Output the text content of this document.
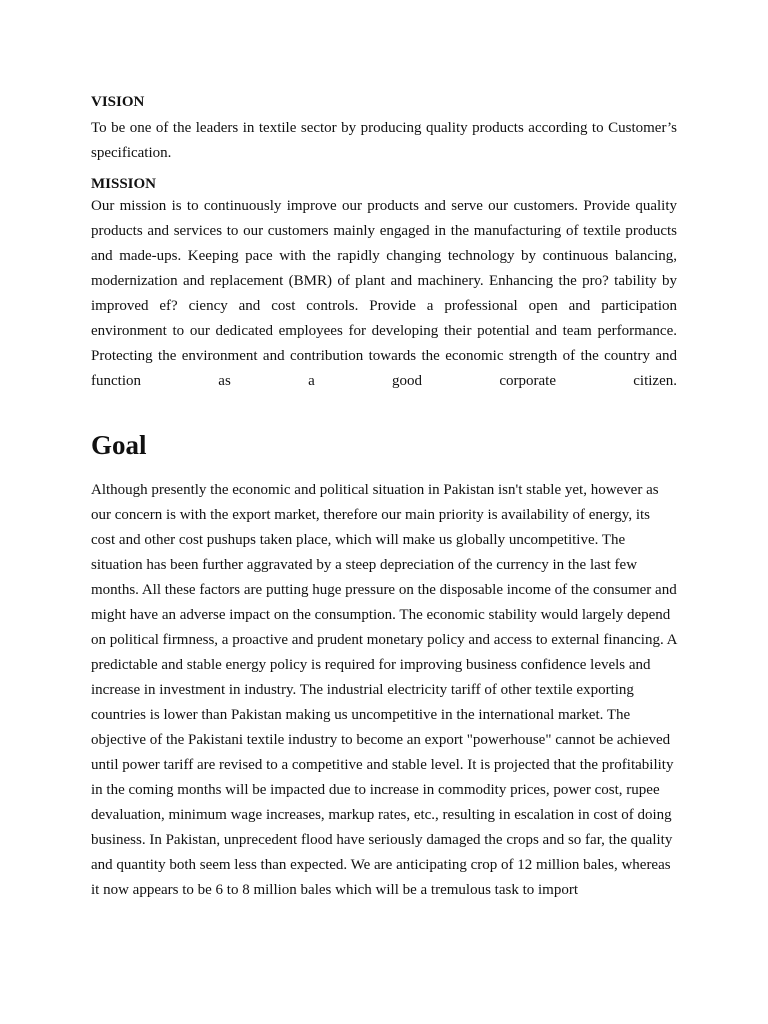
VISION

To be one of the leaders in textile sector by producing quality products according to Customer’s specification.

MISSION

Our mission is to continuously improve our products and serve our customers. Provide quality products and services to our customers mainly engaged in the manufacturing of textile products and made-ups. Keeping pace with the rapidly changing technology by continuous balancing, modernization and replacement (BMR) of plant and machinery. Enhancing the pro? tability by improved ef? ciency and cost controls. Provide a professional open and participation environment to our dedicated employees for developing their potential and team performance. Protecting the environment and contribution towards the economic strength of the country and function as a good corporate citizen.

Goal

Although presently the economic and political situation in Pakistan isn't stable yet, however as our concern is with the export market, therefore our main priority is availability of energy, its cost and other cost pushups taken place, which will make us globally uncompetitive. The situation has been further aggravated by a steep depreciation of the currency in the last few months. All these factors are putting huge pressure on the disposable income of the consumer and might have an adverse impact on the consumption. The economic stability would largely depend on political firmness, a proactive and prudent monetary policy and access to external financing. A predictable and stable energy policy is required for improving business confidence levels and increase in investment in industry. The industrial electricity tariff of other textile exporting countries is lower than Pakistan making us uncompetitive in the international market. The objective of the Pakistani textile industry to become an export "powerhouse" cannot be achieved until power tariff are revised to a competitive and stable level. It is projected that the profitability in the coming months will be impacted due to increase in commodity prices, power cost, rupee devaluation, minimum wage increases, markup rates, etc., resulting in escalation in cost of doing business. In Pakistan, unprecedent flood have seriously damaged the crops and so far, the quality and quantity both seem less than expected. We are anticipating crop of 12 million bales, whereas it now appears to be 6 to 8 million bales which will be a tremulous task to import
